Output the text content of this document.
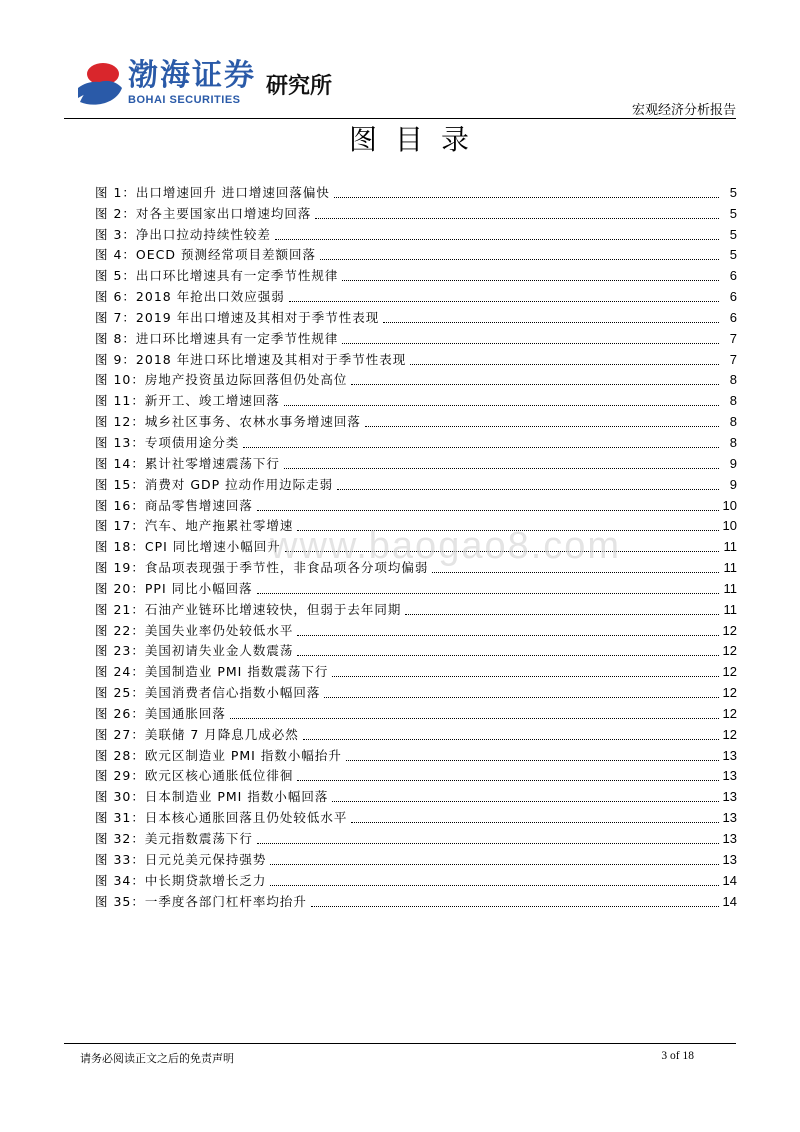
渤海证券
BOHAI SECURITIES
研究所
宏观经济分析报告
图目录
图 1：出口增速回升 进口增速回落偏快	5
图 2：对各主要国家出口增速均回落	5
图 3：净出口拉动持续性较差	5
图 4：OECD 预测经常项目差额回落	5
图 5：出口环比增速具有一定季节性规律	6
图 6：2018 年抢出口效应强弱	6
图 7：2019 年出口增速及其相对于季节性表现	6
图 8：进口环比增速具有一定季节性规律	7
图 9：2018 年进口环比增速及其相对于季节性表现	7
图 10：房地产投资虽边际回落但仍处高位	8
图 11：新开工、竣工增速回落	8
图 12：城乡社区事务、农林水事务增速回落	8
图 13：专项债用途分类	8
图 14：累计社零增速震荡下行	9
图 15：消费对 GDP 拉动作用边际走弱	9
图 16：商品零售增速回落	10
图 17：汽车、地产拖累社零增速	10
图 18：CPI 同比增速小幅回升	11
图 19：食品项表现强于季节性，非食品项各分项均偏弱	11
图 20：PPI 同比小幅回落	11
图 21：石油产业链环比增速较快，但弱于去年同期	11
图 22：美国失业率仍处较低水平	12
图 23：美国初请失业金人数震荡	12
图 24：美国制造业 PMI 指数震荡下行	12
图 25：美国消费者信心指数小幅回落	12
图 26：美国通胀回落	12
图 27：美联储 7 月降息几成必然	12
图 28：欧元区制造业 PMI 指数小幅抬升	13
图 29：欧元区核心通胀低位徘徊	13
图 30：日本制造业 PMI 指数小幅回落	13
图 31：日本核心通胀回落且仍处较低水平	13
图 32：美元指数震荡下行	13
图 33：日元兑美元保持强势	13
图 34：中长期贷款增长乏力	14
图 35：一季度各部门杠杆率均抬升	14
www.baogao8.com
请务必阅读正文之后的免责声明	3 of 18
